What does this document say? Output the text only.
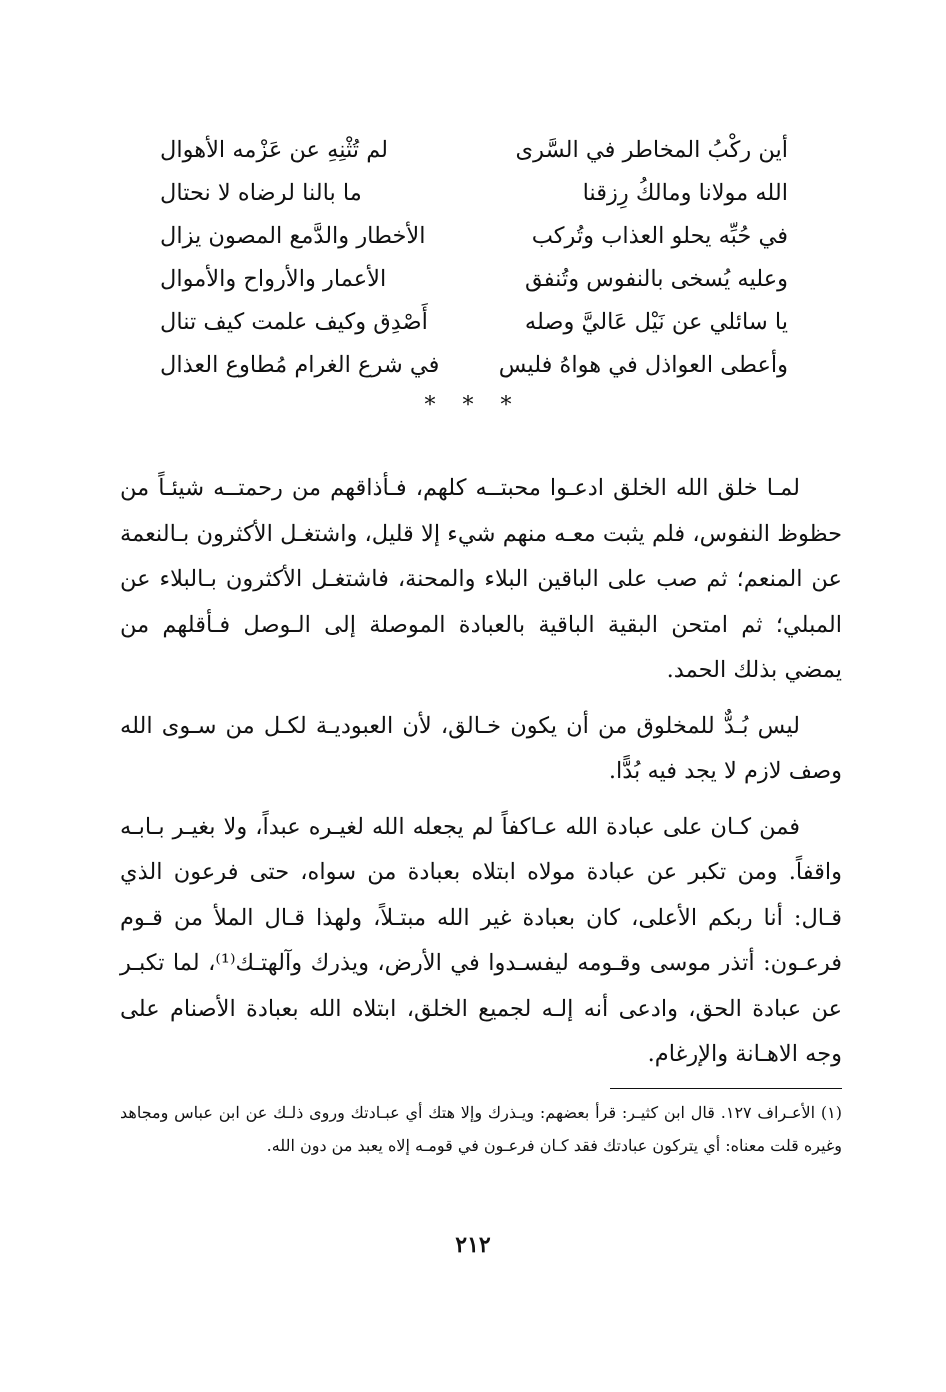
أين ركْبُ المخاطر في السَّرى
لم تُثْنِهِ عن عَزْمه الأهوال
الله مولانا ومالكُ رِزقنا
ما بالنا لرضاه لا نحتال
في حُبِّه يحلو العذاب وتُركب
الأخطار والدَّمع المصون يزال
وعليه يُسخى بالنفوس وتُنفق
الأعمار والأرواح والأموال
يا سائلي عن نَيْل عَاليَّ وصله
أَصْدِق وكيف علمت كيف تنال
وأعطى العواذل في هواهُ فليس
في شرع الغرام مُطاوع العذال
* * *

لمـا خلق الله الخلق ادعـوا محبتــه كلهم، فـأذاقهم من رحمتــه شيئـاً من حظوظ النفوس، فلم يثبت معـه منهم شيء إلا قليل، واشتغـل الأكثرون بـالنعمة عن المنعم؛ ثم صب على الباقين البلاء والمحنة، فاشتغـل الأكثرون بـالبلاء عن المبلي؛ ثم امتحن البقية الباقية بالعبادة الموصلة إلى الـوصل فـأقلهم من يمضي بذلك الحمد.

ليس بُـدٌّ للمخلوق من أن يكون خـالق، لأن العبوديـة لكـل من سـوى الله وصف لازم لا يجد فيه بُدًّا.

فمن كـان على عبادة الله عـاكفاً لم يجعله الله لغيـره عبداً، ولا بغيـر بـابـه واقفاً. ومن تكبر عن عبادة مولاه ابتلاه بعبادة من سواه، حتى فرعون الذي قـال: أنا ربكم الأعلى، كان بعبادة غير الله مبتـلاً، ولهذا قـال الملأ من قـوم فرعـون: أتذر موسى وقـومه ليفسـدوا في الأرض، ويذرك وآلهتـك⁽¹⁾، لما تكبـر عن عبادة الحق، وادعى أنه إلـه لجميع الخلق، ابتلاه الله بعبادة الأصنام على وجه الاهـانة والإرغام.

(١) الأعـراف ١٢٧. قال ابن كثيـر: قرأ بعضهم: ويـذرك وإلا هتك أي عبـادتك وروى ذلـك عن ابن عباس ومجاهد وغيره قلت معناه: أي يتركون عبادتك فقد كـان فرعـون في قومـه إلاه يعبد من دون الله.
٢١٢
